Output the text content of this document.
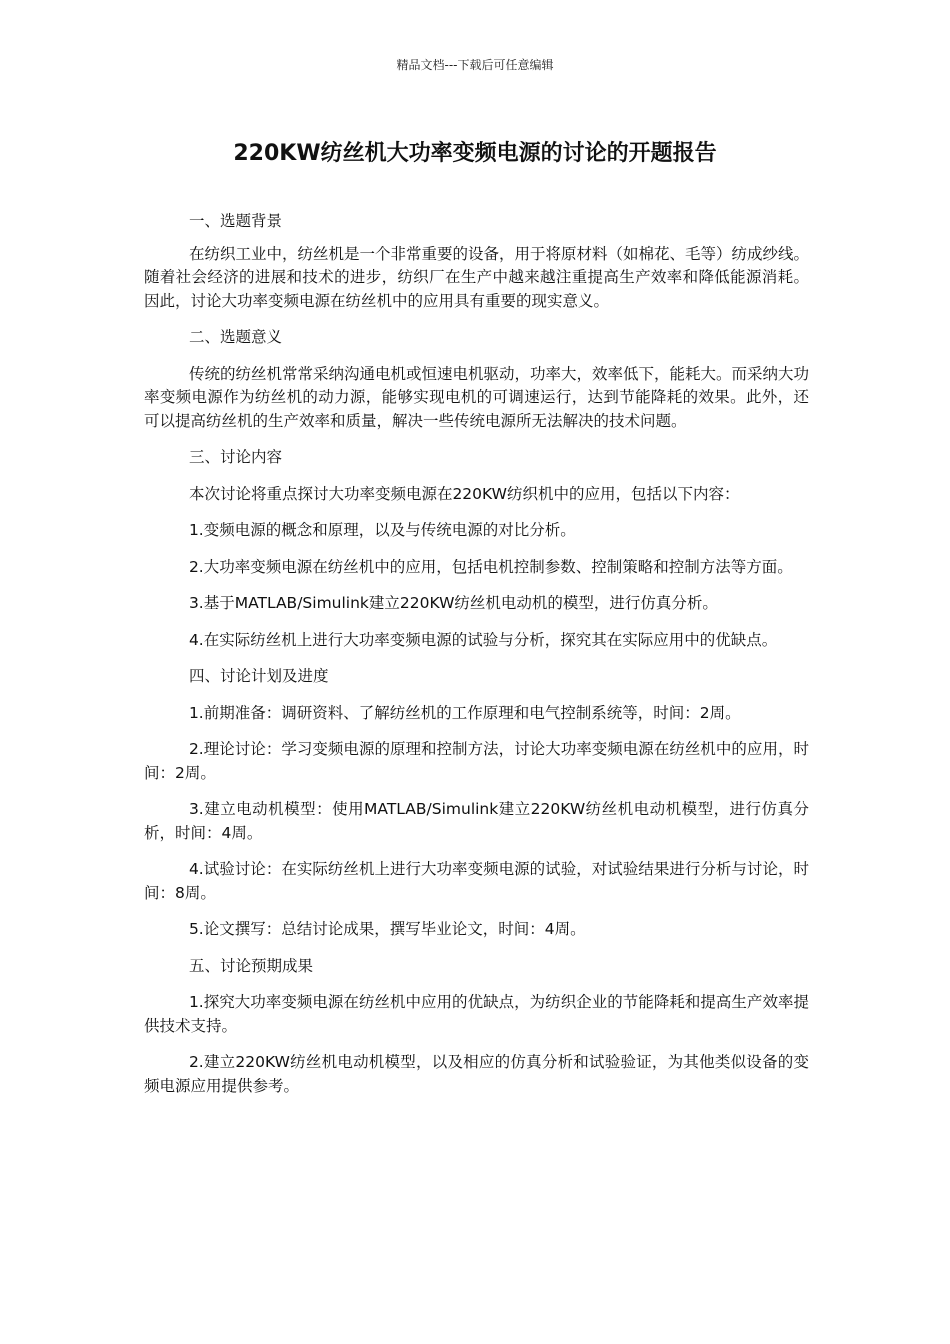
精品文档---下载后可任意编辑
220KW纺丝机大功率变频电源的讨论的开题报告

一、选题背景

在纺织工业中，纺丝机是一个非常重要的设备，用于将原材料（如棉花、毛等）纺成纱线。随着社会经济的进展和技术的进步，纺织厂在生产中越来越注重提高生产效率和降低能源消耗。因此，讨论大功率变频电源在纺丝机中的应用具有重要的现实意义。

二、选题意义

传统的纺丝机常常采纳沟通电机或恒速电机驱动，功率大，效率低下，能耗大。而采纳大功率变频电源作为纺丝机的动力源，能够实现电机的可调速运行，达到节能降耗的效果。此外，还可以提高纺丝机的生产效率和质量，解决一些传统电源所无法解决的技术问题。

三、讨论内容

本次讨论将重点探讨大功率变频电源在220KW纺织机中的应用，包括以下内容：

1.变频电源的概念和原理，以及与传统电源的对比分析。

2.大功率变频电源在纺丝机中的应用，包括电机控制参数、控制策略和控制方法等方面。

3.基于MATLAB/Simulink建立220KW纺丝机电动机的模型，进行仿真分析。

4.在实际纺丝机上进行大功率变频电源的试验与分析，探究其在实际应用中的优缺点。

四、讨论计划及进度

1.前期准备：调研资料、了解纺丝机的工作原理和电气控制系统等，时间：2周。

2.理论讨论：学习变频电源的原理和控制方法，讨论大功率变频电源在纺丝机中的应用，时间：2周。

3.建立电动机模型：使用MATLAB/Simulink建立220KW纺丝机电动机模型，进行仿真分析，时间：4周。

4.试验讨论：在实际纺丝机上进行大功率变频电源的试验，对试验结果进行分析与讨论，时间：8周。

5.论文撰写：总结讨论成果，撰写毕业论文，时间：4周。

五、讨论预期成果

1.探究大功率变频电源在纺丝机中应用的优缺点，为纺织企业的节能降耗和提高生产效率提供技术支持。

2.建立220KW纺丝机电动机模型，以及相应的仿真分析和试验验证，为其他类似设备的变频电源应用提供参考。
